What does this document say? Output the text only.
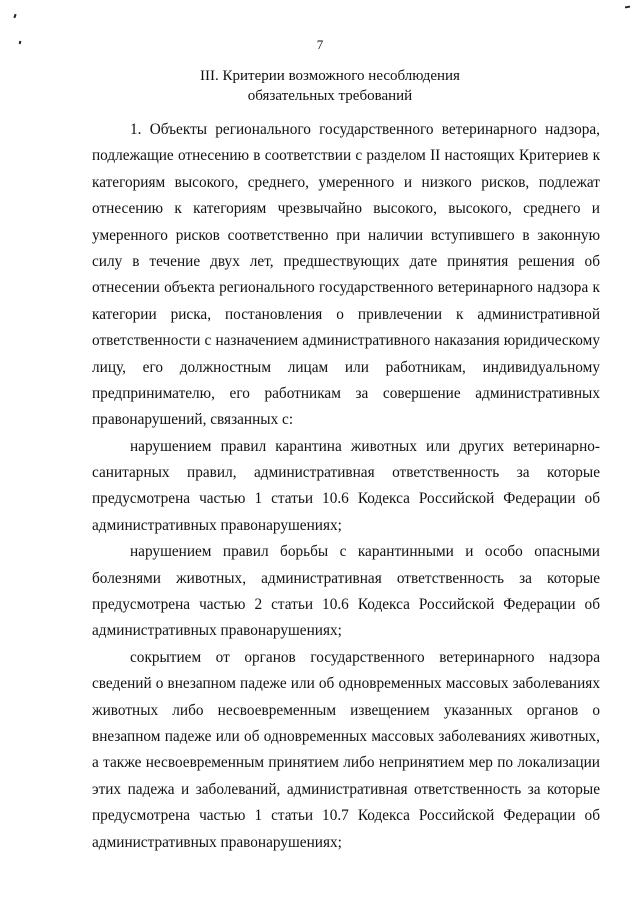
7
III. Критерии возможного несоблюдения
обязательных требований
1. Объекты регионального государственного ветеринарного надзора,
подлежащие отнесению в соответствии с разделом II настоящих Критериев к
категориям высокого, среднего, умеренного и низкого рисков, подлежат
отнесению к категориям чрезвычайно высокого, высокого, среднего и
умеренного рисков соответственно при наличии вступившего в законную
силу в течение двух лет, предшествующих дате принятия решения об
отнесении объекта регионального государственного ветеринарного надзора к
категории риска, постановления о привлечении к административной
ответственности с назначением административного наказания юридическому
лицу, его должностным лицам или работникам, индивидуальному
предпринимателю, его работникам за совершение административных
правонарушений, связанных с:
нарушением правил карантина животных или других ветеринарно-
санитарных правил, административная ответственность за которые
предусмотрена частью 1 статьи 10.6 Кодекса Российской Федерации об
административных правонарушениях;
нарушением правил борьбы с карантинными и особо опасными
болезнями животных, административная ответственность за которые
предусмотрена частью 2 статьи 10.6 Кодекса Российской Федерации об
административных правонарушениях;
сокрытием от органов государственного ветеринарного надзора
сведений о внезапном падеже или об одновременных массовых заболеваниях
животных либо несвоевременным извещением указанных органов о
внезапном падеже или об одновременных массовых заболеваниях животных,
а также несвоевременным принятием либо непринятием мер по локализации
этих падежа и заболеваний, административная ответственность за которые
предусмотрена частью 1 статьи 10.7 Кодекса Российской Федерации об
административных правонарушениях;
